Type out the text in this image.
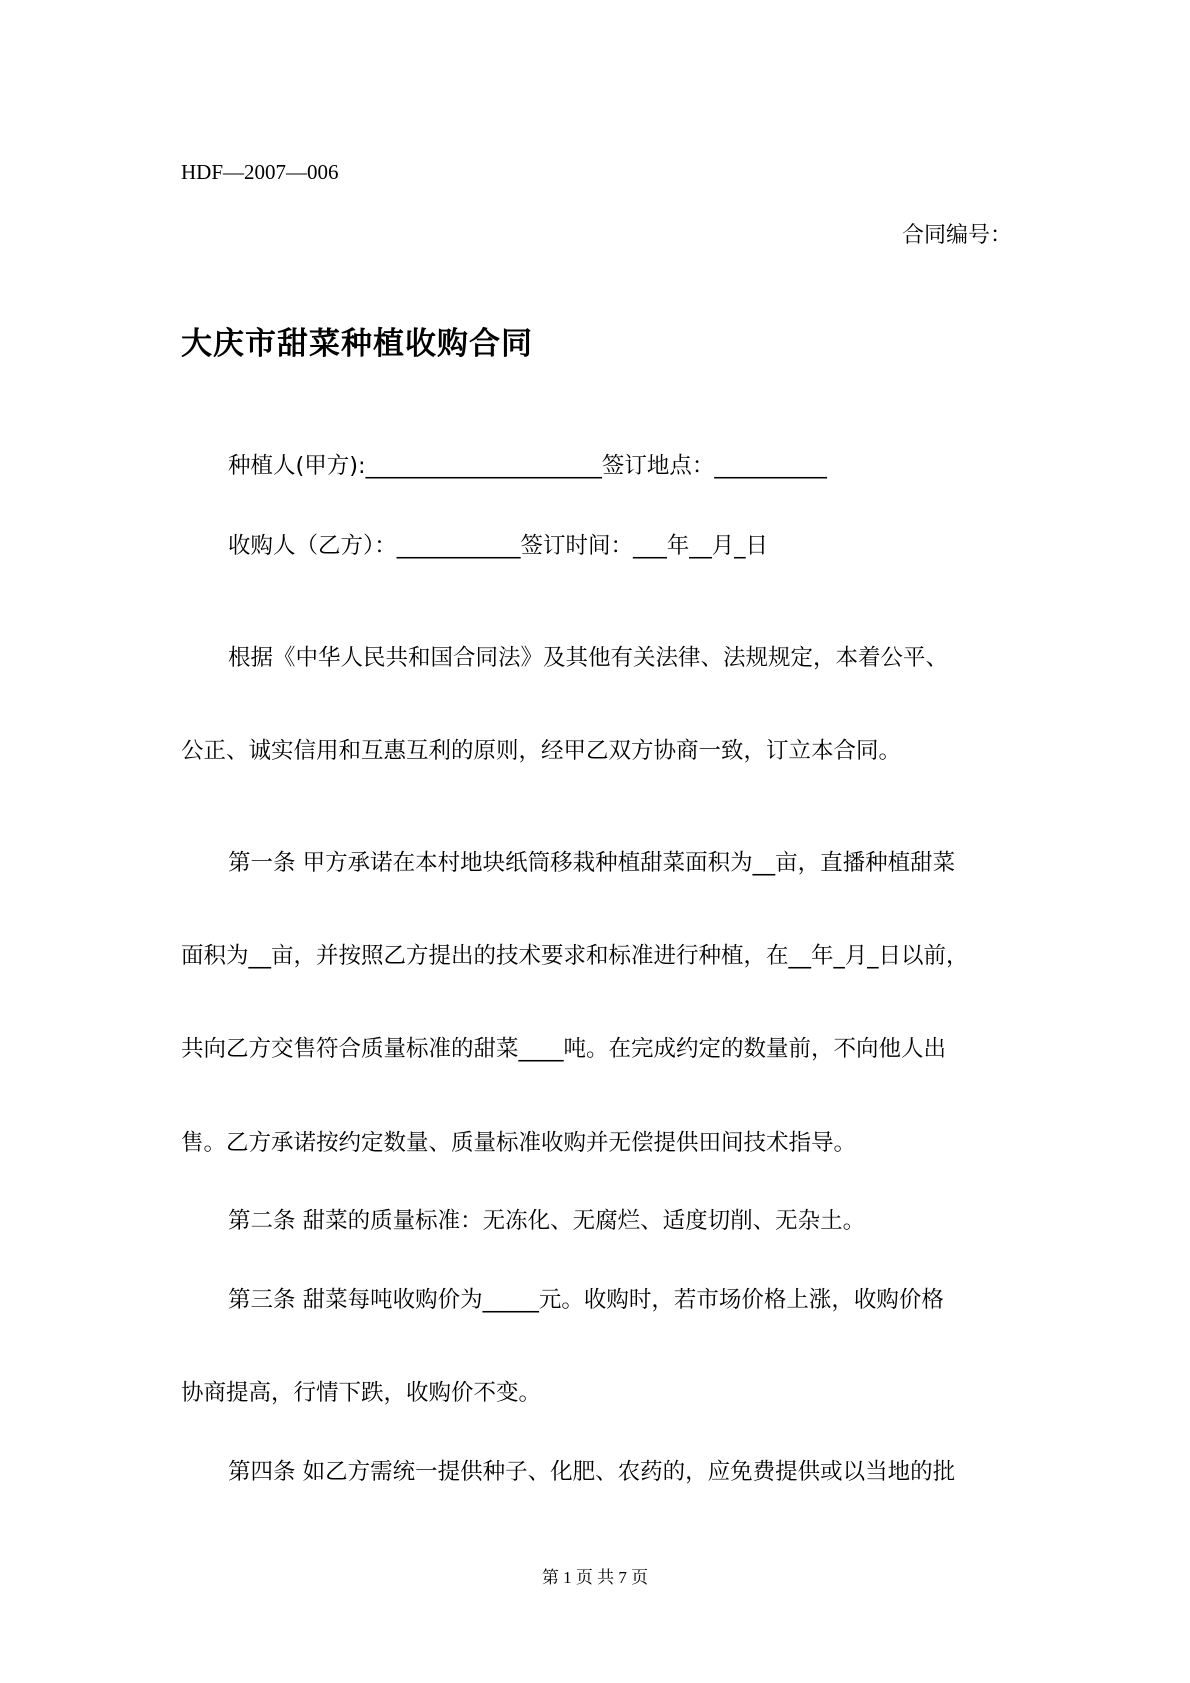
HDF—2007—006
合同编号：
大庆市甜菜种植收购合同
种植人(甲方):_____________________签订地点：__________
收购人（乙方）：___________签订时间：___年__月_日
根据《中华人民共和国合同法》及其他有关法律、法规规定，本着公平、
公正、诚实信用和互惠互利的原则，经甲乙双方协商一致，订立本合同。
第一条 甲方承诺在本村地块纸筒移栽种植甜菜面积为__亩，直播种植甜菜
面积为__亩，并按照乙方提出的技术要求和标准进行种植，在__年_月_日以前，
共向乙方交售符合质量标准的甜菜____吨。在完成约定的数量前，不向他人出
售。乙方承诺按约定数量、质量标准收购并无偿提供田间技术指导。
第二条 甜菜的质量标准：无冻化、无腐烂、适度切削、无杂土。
第三条 甜菜每吨收购价为_____元。收购时，若市场价格上涨，收购价格
协商提高，行情下跌，收购价不变。
第四条 如乙方需统一提供种子、化肥、农药的，应免费提供或以当地的批
第 1 页 共 7 页
